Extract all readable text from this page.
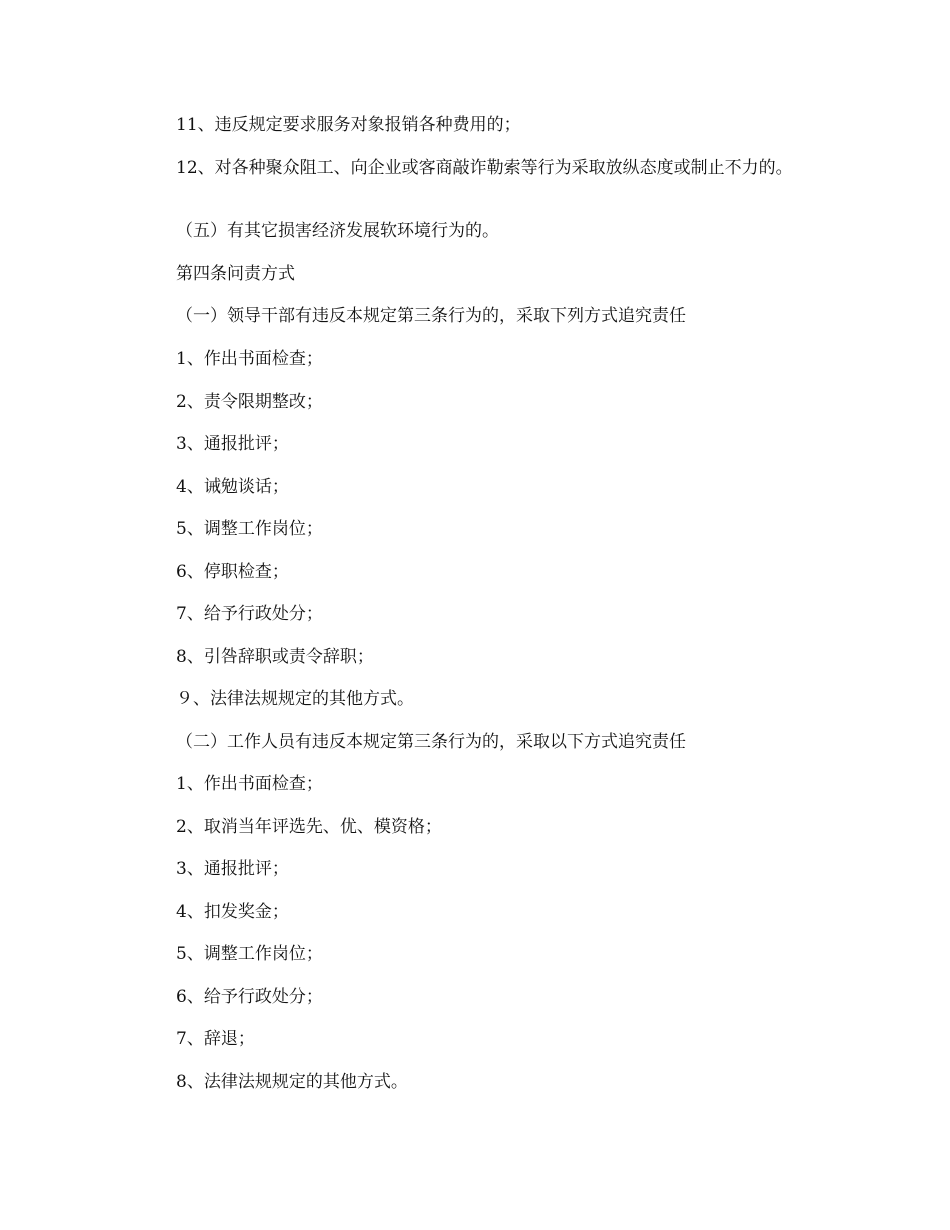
11、违反规定要求服务对象报销各种费用的；

12、对各种聚众阻工、向企业或客商敲诈勒索等行为采取放纵态度或制止不力的。

（五）有其它损害经济发展软环境行为的。

第四条问责方式

（一）领导干部有违反本规定第三条行为的，采取下列方式追究责任

1、作出书面检查；

2、责令限期整改；

3、通报批评；

4、诫勉谈话；

5、调整工作岗位；

6、停职检查；

7、给予行政处分；

8、引咎辞职或责令辞职；

９、法律法规规定的其他方式。

（二）工作人员有违反本规定第三条行为的，采取以下方式追究责任

1、作出书面检查；

2、取消当年评选先、优、模资格；

3、通报批评；

4、扣发奖金；

5、调整工作岗位；

6、给予行政处分；

7、辞退；

8、法律法规规定的其他方式。
